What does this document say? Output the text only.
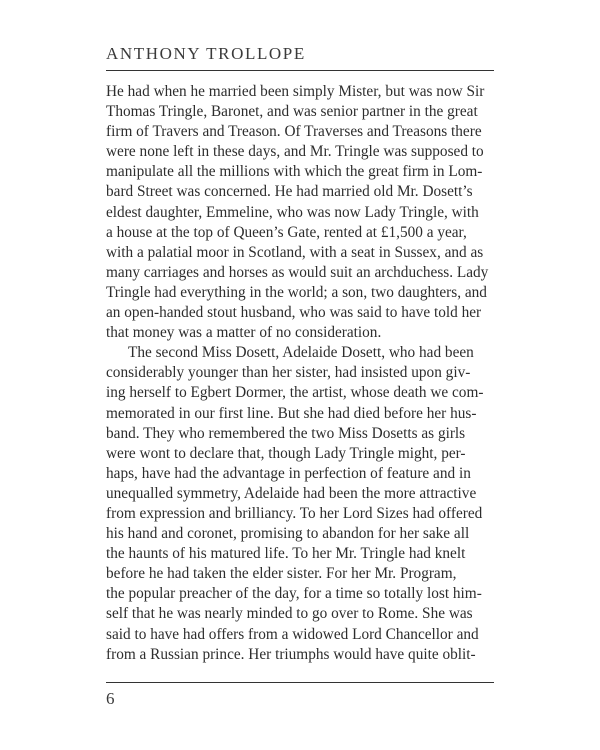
ANTHONY TROLLOPE
He had when he married been simply Mister, but was now Sir
Thomas Tringle, Baronet, and was senior partner in the great
firm of Travers and Treason. Of Traverses and Treasons there
were none left in these days, and Mr. Tringle was supposed to
manipulate all the millions with which the great firm in Lom-
bard Street was concerned. He had married old Mr. Dosett’s
eldest daughter, Emmeline, who was now Lady Tringle, with
a house at the top of Queen’s Gate, rented at £1,500 a year,
with a palatial moor in Scotland, with a seat in Sussex, and as
many carriages and horses as would suit an archduchess. Lady
Tringle had everything in the world; a son, two daughters, and
an open-handed stout husband, who was said to have told her
that money was a matter of no consideration.
The second Miss Dosett, Adelaide Dosett, who had been
considerably younger than her sister, had insisted upon giv-
ing herself to Egbert Dormer, the artist, whose death we com-
memorated in our first line. But she had died before her hus-
band. They who remembered the two Miss Dosetts as girls
were wont to declare that, though Lady Tringle might, per-
haps, have had the advantage in perfection of feature and in
unequalled symmetry, Adelaide had been the more attractive
from expression and brilliancy. To her Lord Sizes had offered
his hand and coronet, promising to abandon for her sake all
the haunts of his matured life. To her Mr. Tringle had knelt
before he had taken the elder sister. For her Mr. Program,
the popular preacher of the day, for a time so totally lost him-
self that he was nearly minded to go over to Rome. She was
said to have had offers from a widowed Lord Chancellor and
from a Russian prince. Her triumphs would have quite oblit-

6
